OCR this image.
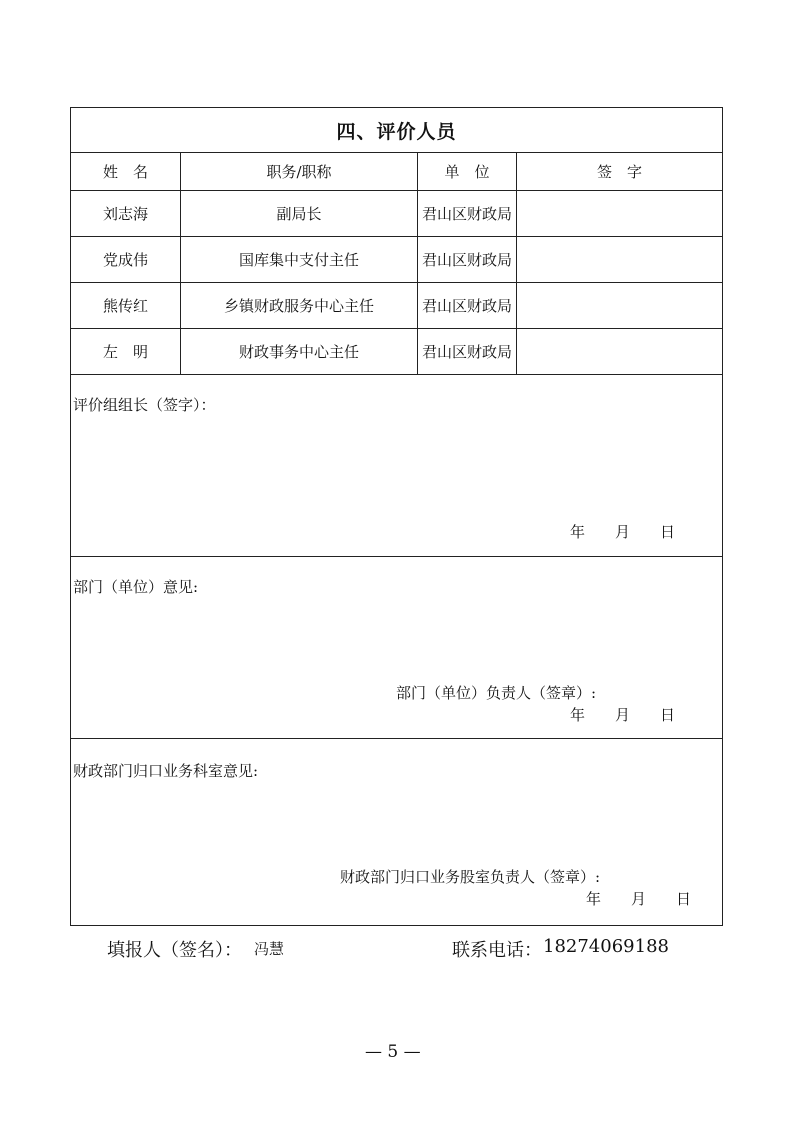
四、评价人员
姓　名	职务/职称	单　位	签　字
刘志海	副局长	君山区财政局
党成伟	国库集中支付主任	君山区财政局
熊传红	乡镇财政服务中心主任	君山区财政局
左　明	财政事务中心主任	君山区财政局
评价组组长（签字）：
年　　月　　日
部门（单位）意见:
部门（单位）负责人（签章）:
年　　月　　日
财政部门归口业务科室意见:
财政部门归口业务股室负责人（签章）:
年　　月　　日
填报人（签名）： 冯慧	联系电话： 18274069188
— 5 —
